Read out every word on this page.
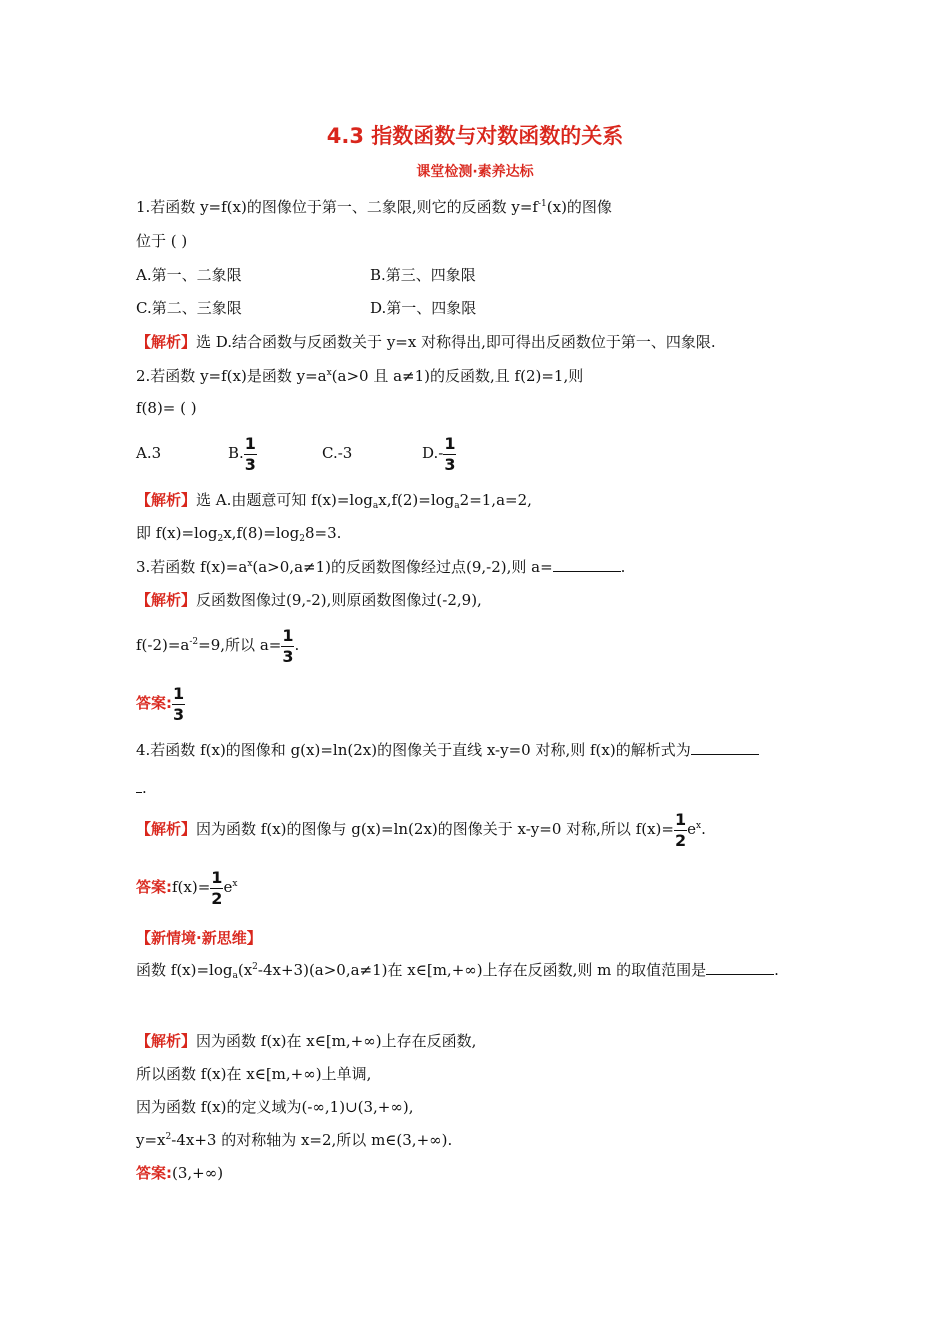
4.3 指数函数与对数函数的关系
课堂检测·素养达标
1.若函数 y=f(x)的图像位于第一、二象限,则它的反函数 $y=f^{-1}(x)$的图像
位于 ( )
A.第一、二象限	B.第三、四象限
C.第二、三象限	D.第一、四象限
【解析】选 D.结合函数与反函数关于 y=x 对称得出,即可得出反函数位于第一、四象限.
2.若函数 y=f(x)是函数 $y=a^x(a>0$ 且 a≠1)的反函数,且 f(2)=1,则
f(8)= ( )
A.3	B. $\frac{1}{3}$	C.-3	$D.- \frac{1}{3}$
【解析】选 A.由题意可知 $f(x)=\log_ax,f(2)=\log_a2=1,a=2$,
即 $f(x)=\log_2x,f(8)=\log_28=3$.
3.若函数 $f(x)=a^x(a>0,a\ne 1)$的反函数图像经过点(9,-2),则 a=	.
【解析】反函数图像过(9,-2),则原函数图像过(-2,9),
$f(-2)=a^{-2}=9$,所以 $a= \frac{1}{3}$ .
答案: $\frac{1}{3}$
4.若函数 f(x)的图像和 g(x)=ln(2x)的图像关于直线 x-y=0 对称,则 f(x)的解析式为
.
【解析】因为函数 f(x)的图像与 g(x)=ln(2x)的图像关于 x-y=0 对称,所以 $f(x)= \frac{1}{2} e^x$.
答案:f(x)= $\frac{1}{2} e^x$
【新情境·新思维】
函数 $f(x)=\log_a(x^2-4x+3)(a>0,a\ne 1)$在 x∈[m,+∞)上存在反函数,则 m 的取值范围是	.
【解析】因为函数 f(x)在 x∈[m,+∞)上存在反函数,
所以函数 f(x)在 x∈[m,+∞)上单调,
因为函数 f(x)的定义域为(-∞,1)∪(3,+∞),
$y=x^2-4x+3$ 的对称轴为 x=2,所以 m∈(3,+∞).
答案:(3,+∞)
